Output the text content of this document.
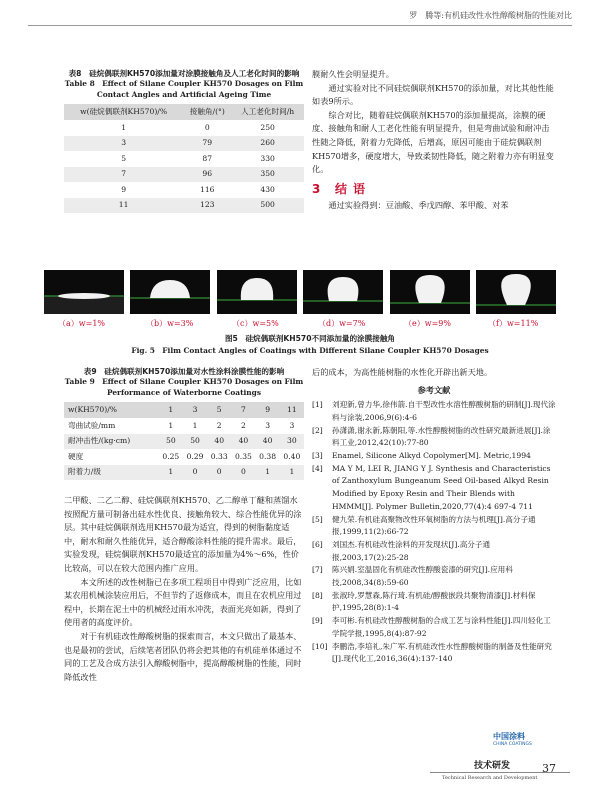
罗　腾等:有机硅改性水性醇酸树脂的性能对比
表8　硅烷偶联剂KH570添加量对涂膜接触角及人工老化时间的影响
Table 8　Effect of Silane Coupler KH570 Dosages on Film Contact Angles and Artificial Ageing Time
w(硅烷偶联剂KH570)/%	接触角/(°)	人工老化时间/h
1	0	250
3	79	260
5	87	330
7	96	350
9	116	430
11	123	500

膜耐久性会明显提升。

通过实验对比不同硅烷偶联剂KH570的添加量，对比其他性能如表9所示。

综合对比，随着硅烷偶联剂KH570的添加量提高，涂膜的硬度、接触角和耐人工老化性能有明显提升，但是弯曲试验和耐冲击性随之降低，附着力先降低，后增高，原因可能由于硅烷偶联剂KH570增多，硬度增大，导致柔韧性降低，随之附着力亦有明显变化。

3 结语

通过实验得到：豆油酸、季戊四醇、苯甲酸、对苯

（a）w=1%	（b）w=3%	（c）w=5%	（d）w=7%	（e）w=9%	（f）w=11%
图5　硅烷偶联剂KH570不同添加量的涂膜接触角
Fig. 5　Film Contact Angles of Coatings with Different Silane Coupler KH570 Dosages
表9　硅烷偶联剂KH570添加量对水性涂料涂膜性能的影响
Table 9　Effect of Silane Coupler KH570 Dosages on Film Performance of Waterborne Coatings
w(KH570)/%	1	3	5	7	9	11
弯曲试验/mm	1	1	2	2	3	3
耐冲击性/(kg·cm)	50	50	40	40	40	30
硬度	0.25	0.29	0.33	0.35	0.38	0.40
附着力/级	1	0	0	0	1	1

二甲酸、二乙二醇、硅烷偶联剂KH570、乙二醇单丁醚和蒸馏水按照配方量可制备出硅水性优良、接触角较大、综合性能优异的涂层。其中硅烷偶联剂选用KH570最为适宜，得到的树脂黏度适中，耐水和耐久性能优异，适合醇酸涂料性能的提升需求。最后，实验发现，硅烷偶联剂KH570最适宜的添加量为4%～6%，性价比较高，可以在较大范围内推广应用。

本文所述的改性树脂已在多项工程项目中得到广泛应用，比如某农用机械涂装应用后，不但节约了返修成本，而且在农机应用过程中，长期在泥土中的机械经过雨水冲洗，表面光亮如新，得到了使用者的高度评价。

对于有机硅改性醇酸树脂的探索而言，本文只做出了最基本、也是最初的尝试，后续笔者团队仍将会把其他的有机硅单体通过不同的工艺及合成方法引入醇酸树脂中，提高醇酸树脂的性能，同时降低改性

后的成本，为高性能树脂的水性化开辟出新天地。

参考文献
[1]	刘迎新,曾力华,徐伟箭.自干型改性水溶性醇酸树脂的研制[J].现代涂料与涂装,2006,9(6):4-6
[2]	孙潇潇,谢永新,陈朝阳,等.水性醇酸树脂的改性研究最新进展[J].涂料工业,2012,42(10):77-80
[3]	Enamel, Silicone Alkyd Copolymer[M]. Metric,1994
[4]	MA Y M, LEI R, JIANG Y J. Synthesis and Characteristics of Zanthoxylum Bungeanum Seed Oil-based Alkyd Resin Modified by Epoxy Resin and Their Blends with HMMM[J]. Polymer Bulletin,2020,77(4):4 697-4 711
[5]	健九荣.有机硅高聚物改性环氧树脂的方法与机理[J].高分子通报,1999,11(2):66-72
[6]	刘国杰.有机硅改性涂料的开发现状[J].高分子通报,2003,17(2):25-28
[7]	陈兴娟.室温固化有机硅改性醇酸瓷漆的研究[J].应用科技,2008,34(8):59-60
[8]	张淑玲,罗慧森,陈行琦.有机硅/醇酸嵌段共聚物清漆[J].材料保护,1995,28(8):1-4
[9]	李可彬.有机硅改性醇酸树脂的合成工艺与涂料性能[J].四川轻化工学院学报,1995,8(4):87-92
[10] 李鹏浩,李培礼,朱广军.有机硅改性水性醇酸树脂的制备及性能研究[J].现代化工,2016,36(4):137-140
中国涂料
CHINA COATINGS
技术研发
Technical Research and Development
37
